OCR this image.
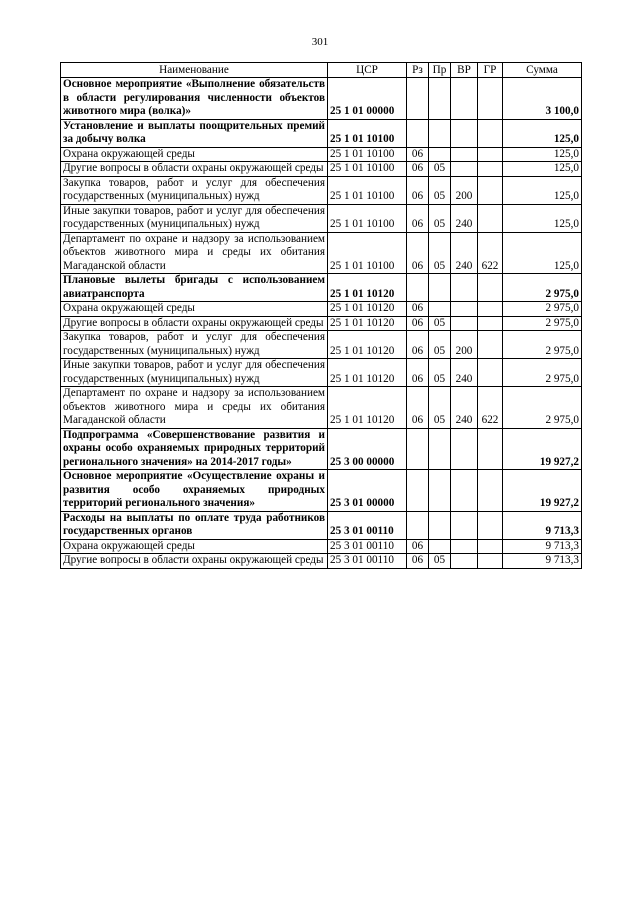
301
Наименование	ЦСР	Рз	Пр	ВР	ГР	Сумма
Основное мероприятие «Выполнение обязательств в области регулирования численности объектов животного мира (волка)»	25 1 01 00000					3 100,0
Установление и выплаты поощрительных премий за добычу волка	25 1 01 10100					125,0
Охрана окружающей среды	25 1 01 10100	06				125,0
Другие вопросы в области охраны окружающей среды	25 1 01 10100	06	05			125,0
Закупка товаров, работ и услуг для обеспечения государственных (муниципальных) нужд	25 1 01 10100	06	05	200		125,0
Иные закупки товаров, работ и услуг для обеспечения государственных (муниципальных) нужд	25 1 01 10100	06	05	240		125,0
Департамент по охране и надзору за использованием объектов животного мира и среды их обитания Магаданской области	25 1 01 10100	06	05	240	622	125,0
Плановые вылеты бригады с использованием авиатранспорта	25 1 01 10120					2 975,0
Охрана окружающей среды	25 1 01 10120	06				2 975,0
Другие вопросы в области охраны окружающей среды	25 1 01 10120	06	05			2 975,0
Закупка товаров, работ и услуг для обеспечения государственных (муниципальных) нужд	25 1 01 10120	06	05	200		2 975,0
Иные закупки товаров, работ и услуг для обеспечения государственных (муниципальных) нужд	25 1 01 10120	06	05	240		2 975,0
Департамент по охране и надзору за использованием объектов животного мира и среды их обитания Магаданской области	25 1 01 10120	06	05	240	622	2 975,0
Подпрограмма «Совершенствование развития и охраны особо охраняемых природных территорий регионального значения» на 2014-2017 годы»	25 3 00 00000					19 927,2
Основное мероприятие «Осуществление охраны и развития особо охраняемых природных территорий регионального значения»	25 3 01 00000					19 927,2
Расходы на выплаты по оплате труда работников государственных органов	25 3 01 00110					9 713,3
Охрана окружающей среды	25 3 01 00110	06				9 713,3
Другие вопросы в области охраны окружающей среды	25 3 01 00110	06	05			9 713,3
